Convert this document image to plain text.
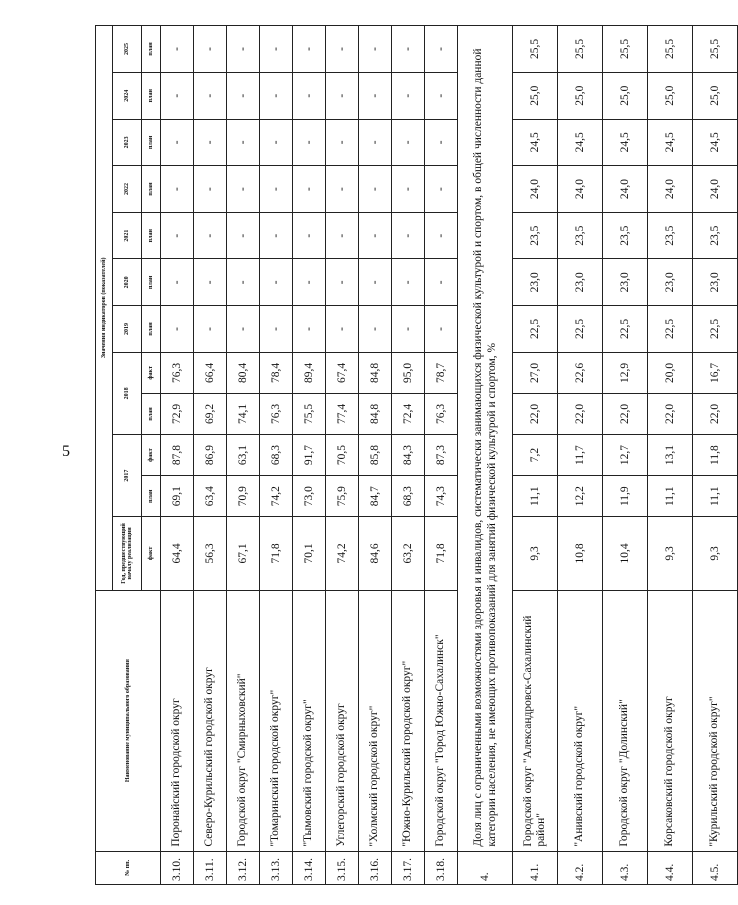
5
№ пп.	Наименование муниципального образования	Значения индикаторов (показателей)											
		Год, предшествующий началу реализации	2017		2018		2019	2020	2021	2022	2023	2024	2025
		факт	план	факт	план	факт	план	план	план	план	план	план	план
3.10.	Поронайский городской округ	64,4	69,1	87,8	72,9	76,3	-	-	-	-	-	-	-
3.11.	Северо-Курильский городской округ	56,3	63,4	86,9	69,2	66,4	-	-	-	-	-	-	-
3.12.	Городской округ "Смирныховский"	67,1	70,9	63,1	74,1	80,4	-	-	-	-	-	-	-
3.13.	"Томаринский городской округ"	71,8	74,2	68,3	76,3	78,4	-	-	-	-	-	-	-
3.14.	"Тымовский городской округ"	70,1	73,0	91,7	75,5	89,4	-	-	-	-	-	-	-
3.15.	Углегорский городской округ	74,2	75,9	70,5	77,4	67,4	-	-	-	-	-	-	-
3.16.	"Холмский городской округ"	84,6	84,7	85,8	84,8	84,8	-	-	-	-	-	-	-
3.17.	"Южно-Курильский городской округ"	63,2	68,3	84,3	72,4	95,0	-	-	-	-	-	-	-
3.18.	Городской округ "Город Южно-Сахалинск"	71,8	74,3	87,3	76,3	78,7	-	-	-	-	-	-	-
4.	Доля лиц с ограниченными возможностями здоровья и инвалидов, систематически занимающихся физической культурой и спортом, в общей численности данной категории населения, не имеющих противопоказаний для занятий физической культурой и спортом, %												
4.1.	Городской округ "Александровск-Сахалинский район"	9,3	11,1	7,2	22,0	27,0	22,5	23,0	23,5	24,0	24,5	25,0	25,5
4.2.	"Анивский городской округ"	10,8	12,2	11,7	22,0	22,6	22,5	23,0	23,5	24,0	24,5	25,0	25,5
4.3.	Городской округ "Долинский"	10,4	11,9	12,7	22,0	12,9	22,5	23,0	23,5	24,0	24,5	25,0	25,5
4.4.	Корсаковский городской округ	9,3	11,1	13,1	22,0	20,0	22,5	23,0	23,5	24,0	24,5	25,0	25,5
4.5.	"Курильский городской округ"	9,3	11,1	11,8	22,0	16,7	22,5	23,0	23,5	24,0	24,5	25,0	25,5
